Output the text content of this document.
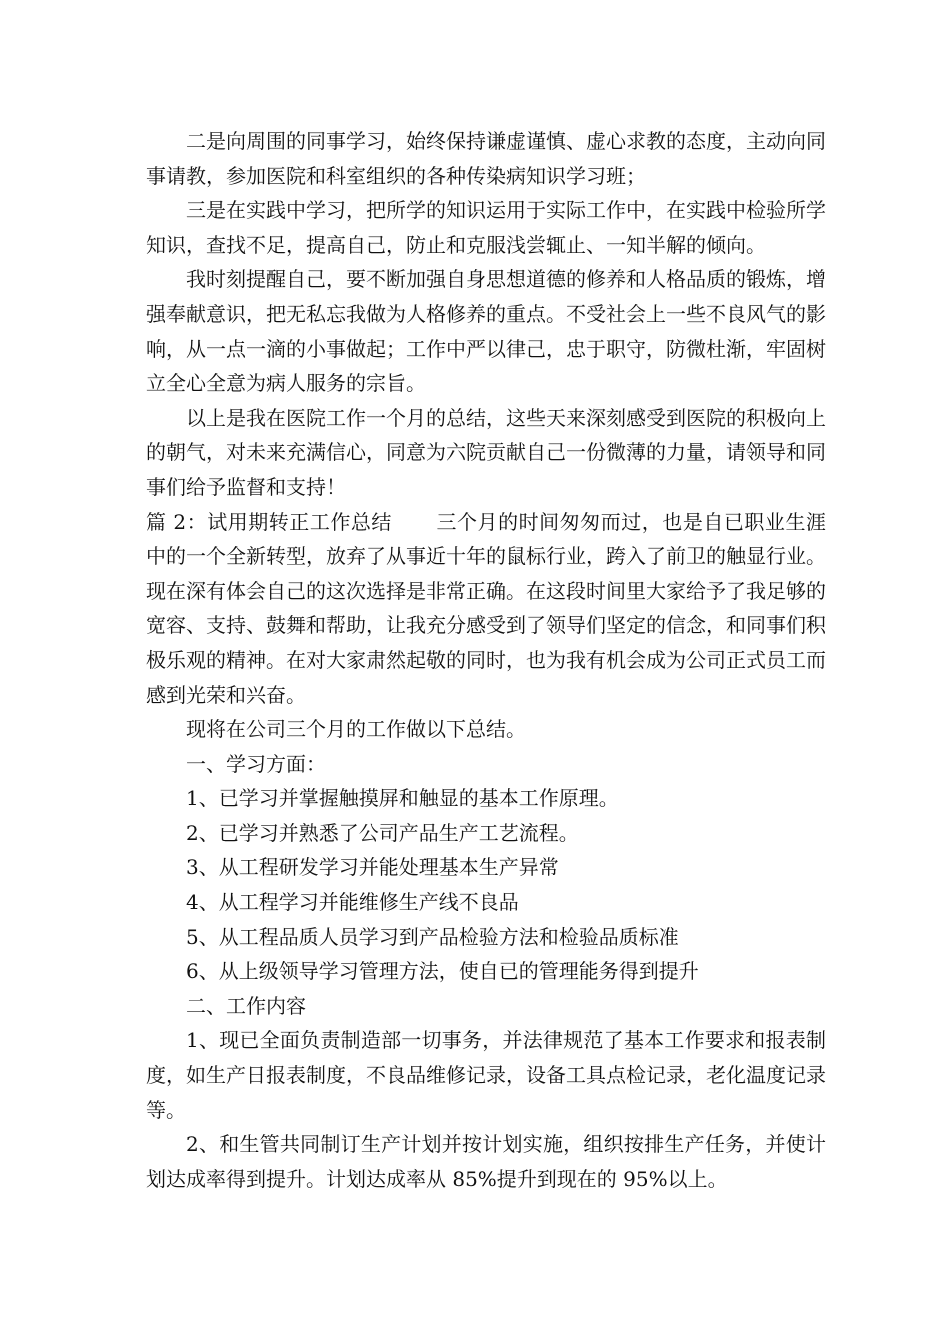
二是向周围的同事学习，始终保持谦虚谨慎、虚心求教的态度，主动向同事请教，参加医院和科室组织的各种传染病知识学习班；

三是在实践中学习，把所学的知识运用于实际工作中，在实践中检验所学知识，查找不足，提高自己，防止和克服浅尝辄止、一知半解的倾向。

我时刻提醒自己，要不断加强自身思想道德的修养和人格品质的锻炼，增强奉献意识，把无私忘我做为人格修养的重点。不受社会上一些不良风气的影响，从一点一滴的小事做起；工作中严以律己，忠于职守，防微杜渐，牢固树立全心全意为病人服务的宗旨。

以上是我在医院工作一个月的总结，这些天来深刻感受到医院的积极向上的朝气，对未来充满信心，同意为六院贡献自己一份微薄的力量，请领导和同事们给予监督和支持！

篇 2：试用期转正工作总结 三个月的时间匆匆而过，也是自已职业生涯中的一个全新转型，放弃了从事近十年的鼠标行业，跨入了前卫的触显行业。现在深有体会自己的这次选择是非常正确。在这段时间里大家给予了我足够的宽容、支持、鼓舞和帮助，让我充分感受到了领导们坚定的信念，和同事们积极乐观的精神。在对大家肃然起敬的同时，也为我有机会成为公司正式员工而感到光荣和兴奋。

现将在公司三个月的工作做以下总结。

一、学习方面：

1、已学习并掌握触摸屏和触显的基本工作原理。

2、已学习并熟悉了公司产品生产工艺流程。

3、从工程研发学习并能处理基本生产异常

4、从工程学习并能维修生产线不良品

5、从工程品质人员学习到产品检验方法和检验品质标准

6、从上级领导学习管理方法，使自已的管理能务得到提升

二、工作内容

1、现已全面负责制造部一切事务，并法律规范了基本工作要求和报表制度，如生产日报表制度，不良品维修记录，设备工具点检记录，老化温度记录等。

2、和生管共同制订生产计划并按计划实施，组织按排生产任务，并使计划达成率得到提升。计划达成率从 85%提升到现在的 95%以上。
